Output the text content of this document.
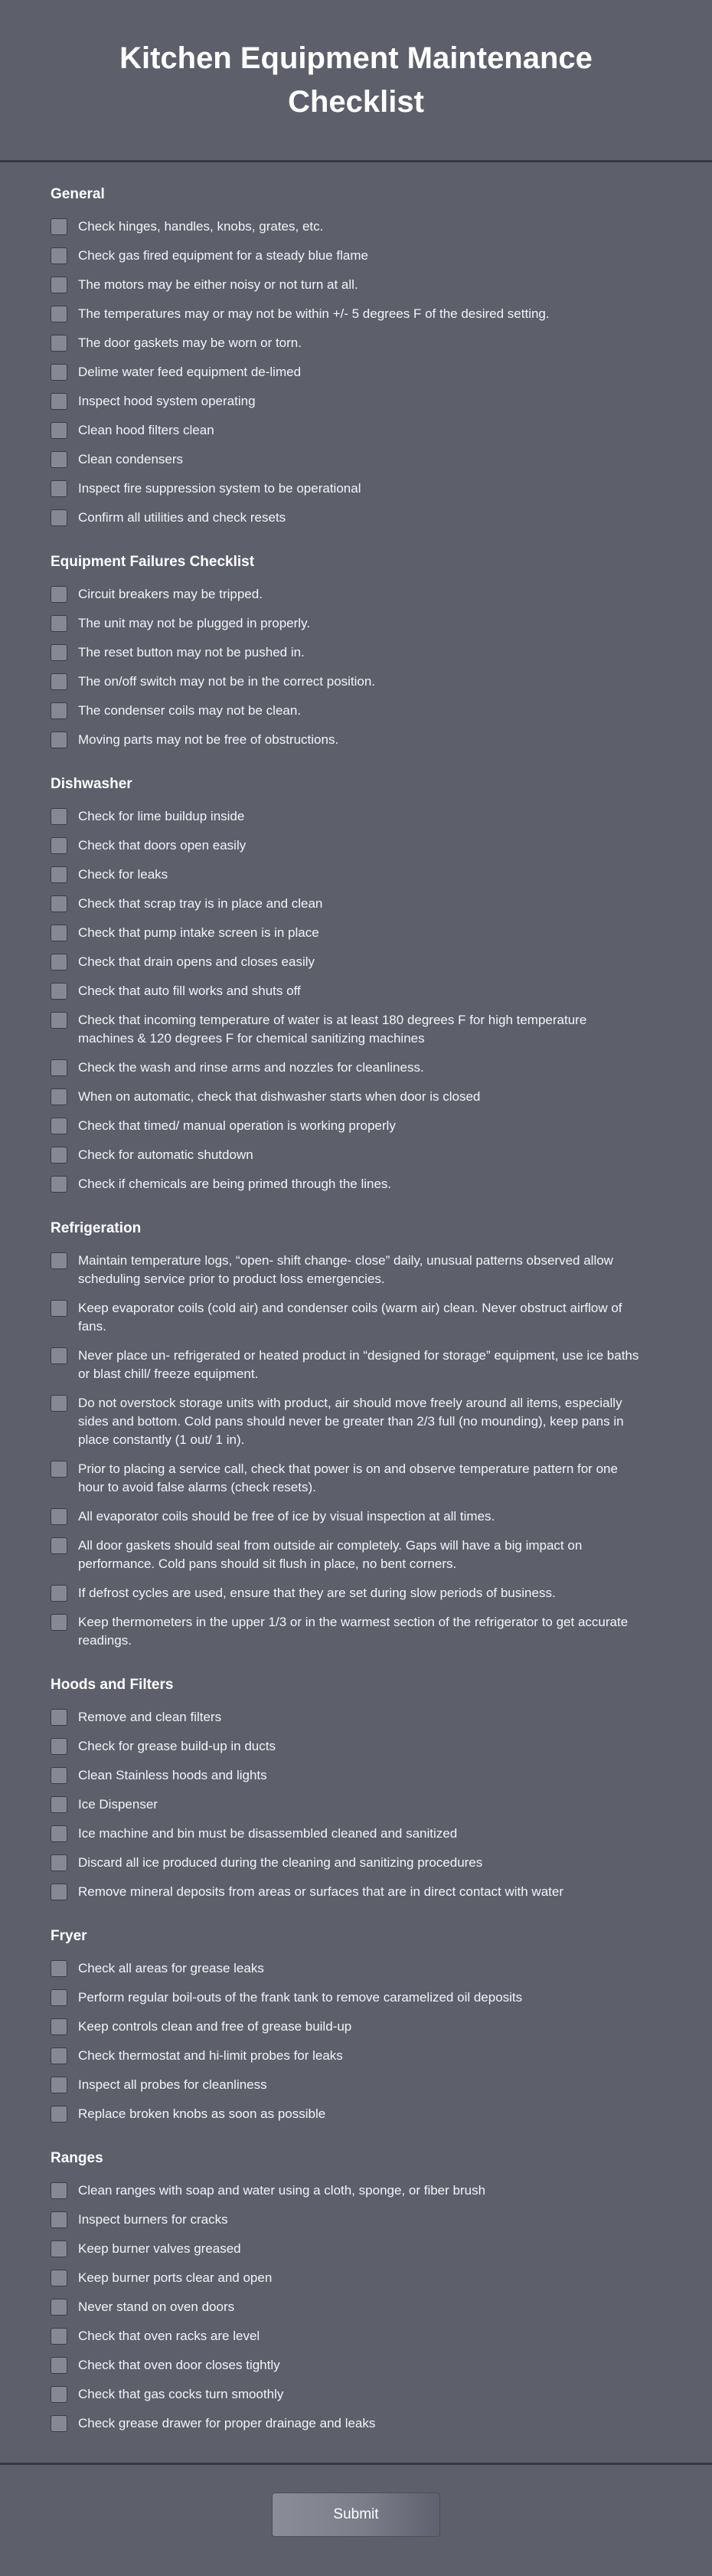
Kitchen Equipment Maintenance Checklist
General
Check hinges, handles, knobs, grates, etc.
Check gas fired equipment for a steady blue flame
The motors may be either noisy or not turn at all.
The temperatures may or may not be within +/- 5 degrees F of the desired setting.
The door gaskets may be worn or torn.
Delime water feed equipment de-limed
Inspect hood system operating
Clean hood filters clean
Clean condensers
Inspect fire suppression system to be operational
Confirm all utilities and check resets
Equipment Failures Checklist
Circuit breakers may be tripped.
The unit may not be plugged in properly.
The reset button may not be pushed in.
The on/off switch may not be in the correct position.
The condenser coils may not be clean.
Moving parts may not be free of obstructions.
Dishwasher
Check for lime buildup inside
Check that doors open easily
Check for leaks
Check that scrap tray is in place and clean
Check that pump intake screen is in place
Check that drain opens and closes easily
Check that auto fill works and shuts off
Check that incoming temperature of water is at least 180 degrees F for high temperature machines & 120 degrees F for chemical sanitizing machines
Check the wash and rinse arms and nozzles for cleanliness.
When on automatic, check that dishwasher starts when door is closed
Check that timed/ manual operation is working properly
Check for automatic shutdown
Check if chemicals are being primed through the lines.
Refrigeration
Maintain temperature logs, “open- shift change- close” daily, unusual patterns observed allow scheduling service prior to product loss emergencies.
Keep evaporator coils (cold air) and condenser coils (warm air) clean. Never obstruct airflow of fans.
Never place un- refrigerated or heated product in “designed for storage” equipment, use ice baths or blast chill/ freeze equipment.
Do not overstock storage units with product, air should move freely around all items, especially sides and bottom. Cold pans should never be greater than 2/3 full (no mounding), keep pans in place constantly (1 out/ 1 in).
Prior to placing a service call, check that power is on and observe temperature pattern for one hour to avoid false alarms (check resets).
All evaporator coils should be free of ice by visual inspection at all times.
All door gaskets should seal from outside air completely. Gaps will have a big impact on performance. Cold pans should sit flush in place, no bent corners.
If defrost cycles are used, ensure that they are set during slow periods of business.
Keep thermometers in the upper 1/3 or in the warmest section of the refrigerator to get accurate readings.
Hoods and Filters
Remove and clean filters
Check for grease build-up in ducts
Clean Stainless hoods and lights
Ice Dispenser
Ice machine and bin must be disassembled cleaned and sanitized
Discard all ice produced during the cleaning and sanitizing procedures
Remove mineral deposits from areas or surfaces that are in direct contact with water
Fryer
Check all areas for grease leaks
Perform regular boil-outs of the frank tank to remove caramelized oil deposits
Keep controls clean and free of grease build-up
Check thermostat and hi-limit probes for leaks
Inspect all probes for cleanliness
Replace broken knobs as soon as possible
Ranges
Clean ranges with soap and water using a cloth, sponge, or fiber brush
Inspect burners for cracks
Keep burner valves greased
Keep burner ports clear and open
Never stand on oven doors
Check that oven racks are level
Check that oven door closes tightly
Check that gas cocks turn smoothly
Check grease drawer for proper drainage and leaks
Submit
